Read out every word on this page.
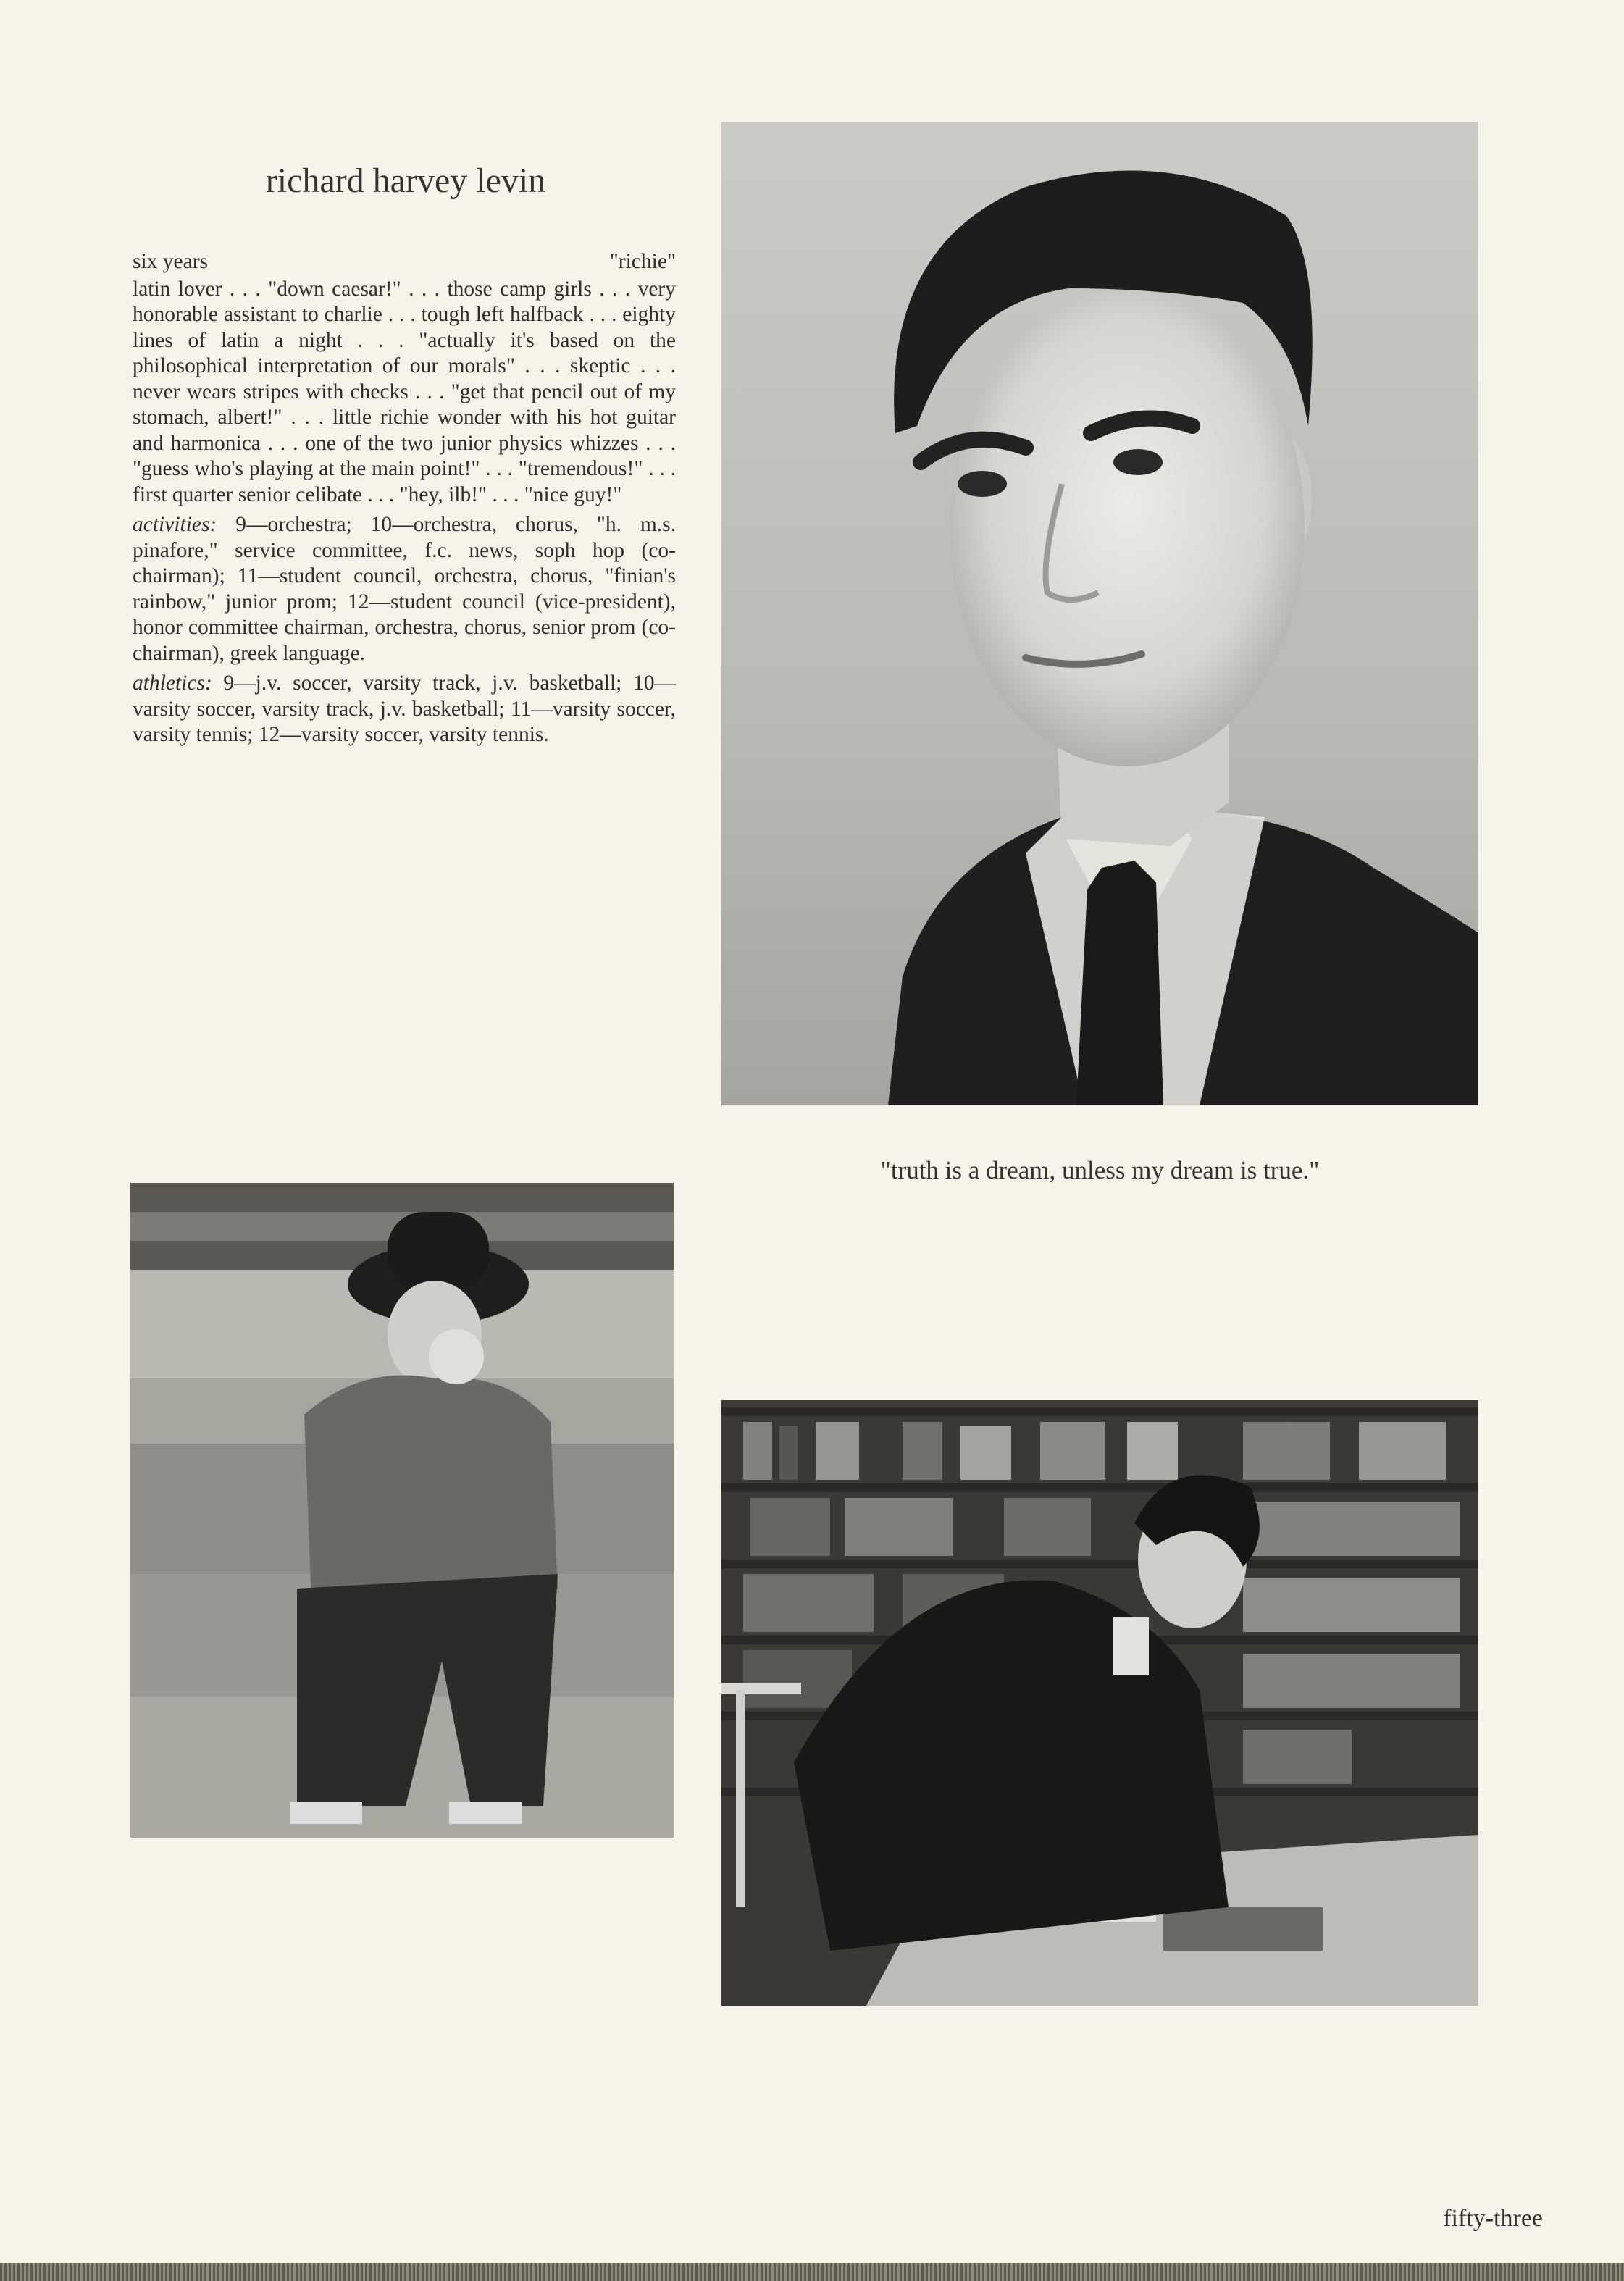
richard harvey levin
six years	"richie"

latin lover . . . "down caesar!" . . . those camp girls . . . very honorable assistant to charlie . . . tough left halfback . . . eighty lines of latin a night . . . "actually it's based on the philosophical interpretation of our morals" . . . skeptic . . . never wears stripes with checks . . . "get that pencil out of my stomach, albert!" . . . little richie wonder with his hot guitar and harmonica . . . one of the two junior physics whizzes . . . "guess who's playing at the main point!" . . . "tremendous!" . . . first quarter senior celibate . . . "hey, ilb!" . . . "nice guy!"

activities: 9—orchestra; 10—orchestra, chorus, "h. m.s. pinafore," service committee, f.c. news, soph hop (co-chairman); 11—student council, orchestra, chorus, "finian's rainbow," junior prom; 12—student council (vice-president), honor committee chairman, orchestra, chorus, senior prom (co-chairman), greek language.

athletics: 9—j.v. soccer, varsity track, j.v. basketball; 10—varsity soccer, varsity track, j.v. basketball; 11—varsity soccer, varsity tennis; 12—varsity soccer, varsity tennis.

"truth is a dream, unless my dream is true."
fifty-three
